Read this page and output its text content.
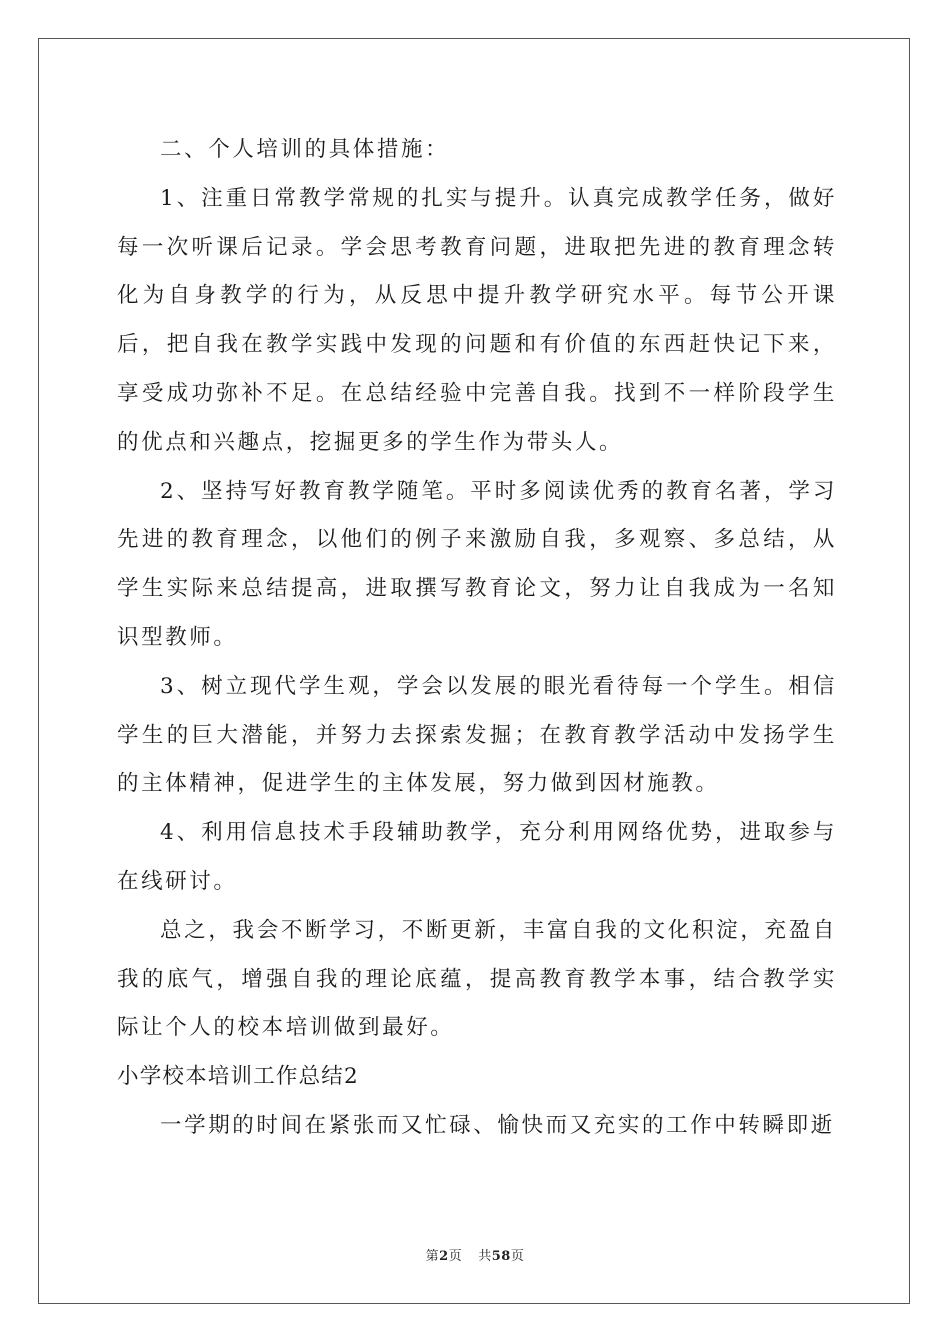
二、个人培训的具体措施：

1、注重日常教学常规的扎实与提升。认真完成教学任务，做好每一次听课后记录。学会思考教育问题，进取把先进的教育理念转化为自身教学的行为，从反思中提升教学研究水平。每节公开课后，把自我在教学实践中发现的问题和有价值的东西赶快记下来，享受成功弥补不足。在总结经验中完善自我。找到不一样阶段学生的优点和兴趣点，挖掘更多的学生作为带头人。

2、坚持写好教育教学随笔。平时多阅读优秀的教育名著，学习先进的教育理念，以他们的例子来激励自我，多观察、多总结，从学生实际来总结提高，进取撰写教育论文，努力让自我成为一名知识型教师。

3、树立现代学生观，学会以发展的眼光看待每一个学生。相信学生的巨大潜能，并努力去探索发掘；在教育教学活动中发扬学生的主体精神，促进学生的主体发展，努力做到因材施教。

4、利用信息技术手段辅助教学，充分利用网络优势，进取参与在线研讨。

总之，我会不断学习，不断更新，丰富自我的文化积淀，充盈自我的底气，增强自我的理论底蕴，提高教育教学本事，结合教学实际让个人的校本培训做到最好。

小学校本培训工作总结2

一学期的时间在紧张而又忙碌、愉快而又充实的工作中转瞬即逝

第2页 共58页
